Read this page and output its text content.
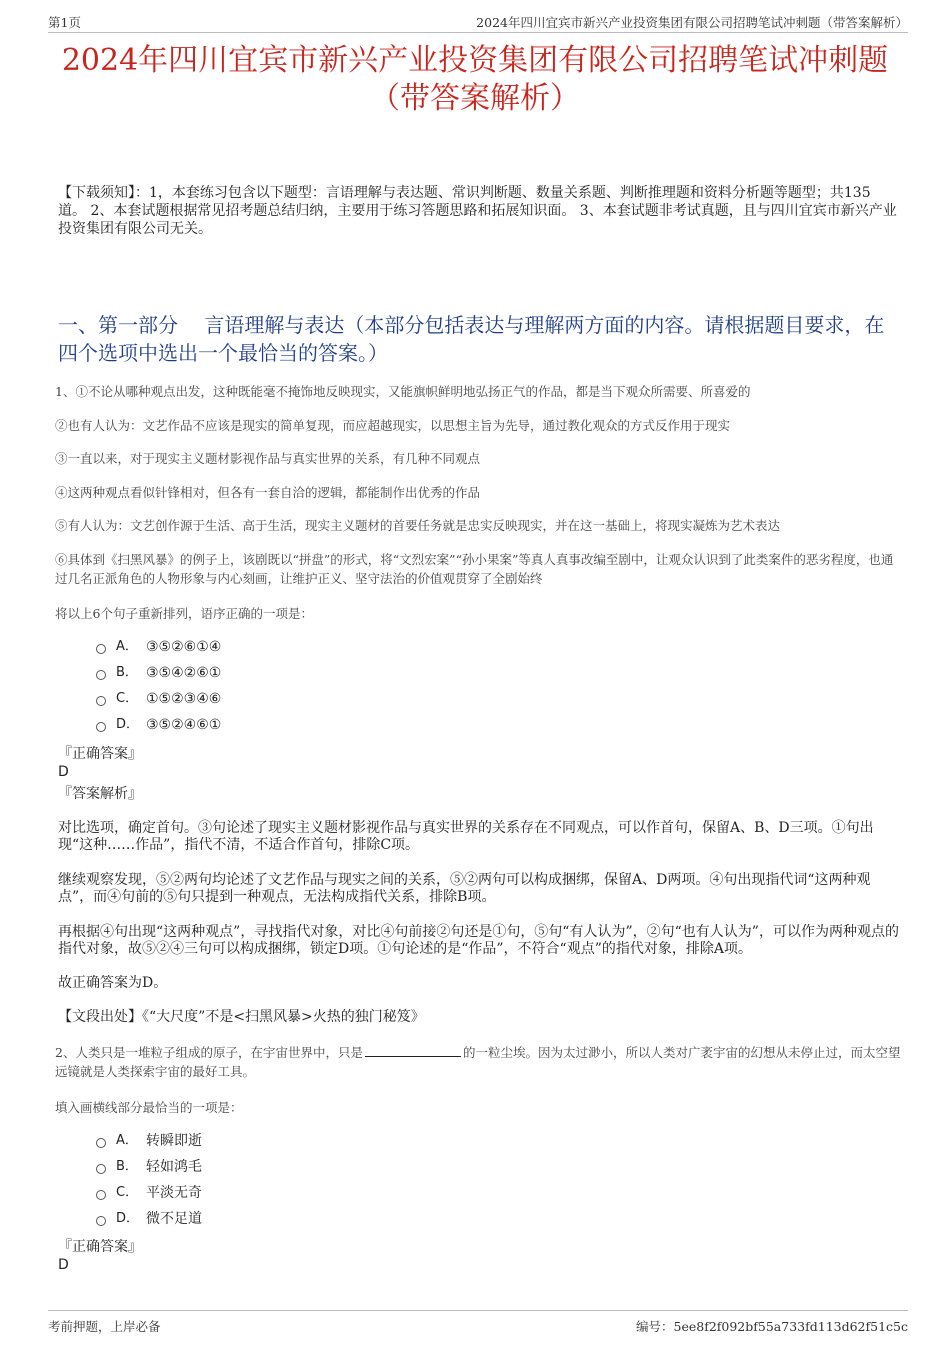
第1页	2024年四川宜宾市新兴产业投资集团有限公司招聘笔试冲刺题（带答案解析）
2024年四川宜宾市新兴产业投资集团有限公司招聘笔试冲刺题
（带答案解析）
【下载须知】：1，本套练习包含以下题型：言语理解与表达题、常识判断题、数量关系题、判断推理题和资料分析题等题型；共135道。 2、本套试题根据常见招考题总结归纳，主要用于练习答题思路和拓展知识面。 3、本套试题非考试真题，且与四川宜宾市新兴产业投资集团有限公司无关。
一、第一部分　 言语理解与表达（本部分包括表达与理解两方面的内容。请根据题目要求，在四个选项中选出一个最恰当的答案。）
1、①不论从哪种观点出发，这种既能毫不掩饰地反映现实，又能旗帜鲜明地弘扬正气的作品，都是当下观众所需要、所喜爱的
②也有人认为：文艺作品不应该是现实的简单复现，而应超越现实，以思想主旨为先导，通过教化观众的方式反作用于现实
③一直以来，对于现实主义题材影视作品与真实世界的关系，有几种不同观点
④这两种观点看似针锋相对，但各有一套自洽的逻辑，都能制作出优秀的作品
⑤有人认为：文艺创作源于生活、高于生活，现实主义题材的首要任务就是忠实反映现实，并在这一基础上，将现实凝炼为艺术表达
⑥具体到《扫黑风暴》的例子上，该剧既以“拼盘”的形式，将“文烈宏案”“孙小果案”等真人真事改编至剧中，让观众认识到了此类案件的恶劣程度，也通过几名正派角色的人物形象与内心刻画，让维护正义、坚守法治的价值观贯穿了全剧始终
将以上6个句子重新排列，语序正确的一项是：
A． ③⑤②⑥①④
B． ③⑤④②⑥①
C． ①⑤②③④⑥
D． ③⑤②④⑥①
『正确答案』
D
『答案解析』
对比选项，确定首句。③句论述了现实主义题材影视作品与真实世界的关系存在不同观点，可以作首句，保留A、B、D三项。①句出现“这种……作品”，指代不清，不适合作首句，排除C项。
继续观察发现，⑤②两句均论述了文艺作品与现实之间的关系，⑤②两句可以构成捆绑，保留A、D两项。④句出现指代词“这两种观点”，而④句前的⑤句只提到一种观点，无法构成指代关系，排除B项。
再根据④句出现“这两种观点”，寻找指代对象，对比④句前接②句还是①句，⑤句“有人认为”，②句“也有人认为”，可以作为两种观点的指代对象，故⑤②④三句可以构成捆绑，锁定D项。①句论述的是“作品”，不符合“观点”的指代对象，排除A项。
故正确答案为D。
【文段出处】《“大尺度”不是<扫黑风暴>火热的独门秘笈》
2、人类只是一堆粒子组成的原子，在宇宙世界中，只是	的一粒尘埃。因为太过渺小，所以人类对广袤宇宙的幻想从未停止过，而太空望远镜就是人类探索宇宙的最好工具。
填入画横线部分最恰当的一项是：
A． 转瞬即逝
B． 轻如鸿毛
C． 平淡无奇
D． 微不足道
『正确答案』
D
考前押题，上岸必备	编号：5ee8f2f092bf55a733fd113d62f51c5c
